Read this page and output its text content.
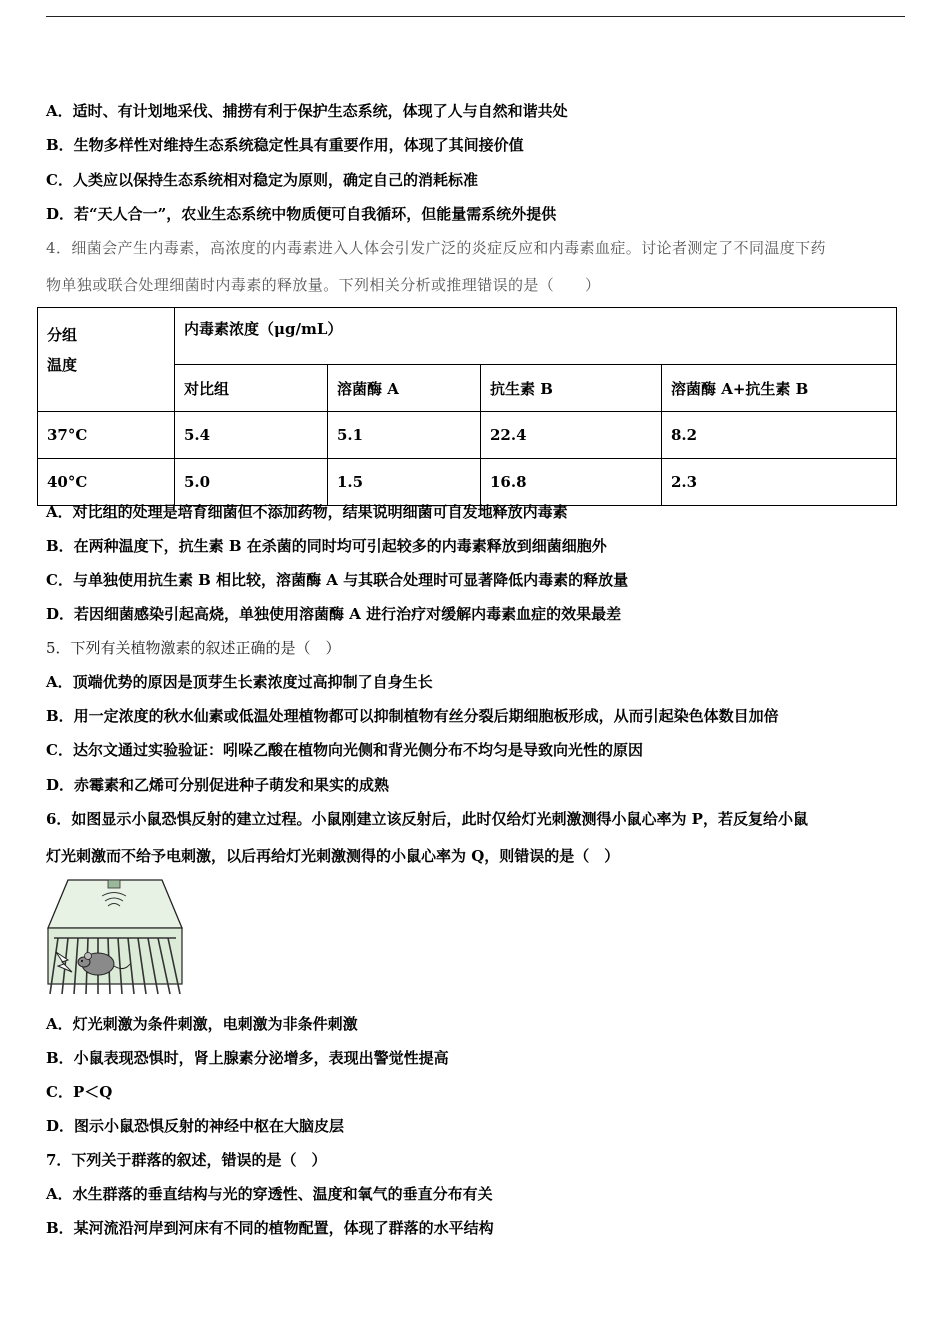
A．适时、有计划地采伐、捕捞有利于保护生态系统，体现了人与自然和谐共处
B．生物多样性对维持生态系统稳定性具有重要作用，体现了其间接价值
C．人类应以保持生态系统相对稳定为原则，确定自己的消耗标准
D．若“天人合一”，农业生态系统中物质便可自我循环，但能量需系统外提供
4．细菌会产生内毒素，高浓度的内毒素进入人体会引发广泛的炎症反应和内毒素血症。讨论者测定了不同温度下药
物单独或联合处理细菌时内毒素的释放量。下列相关分析或推理错误的是（　　）
分组
温度	内毒素浓度（μg/mL）			
	对比组	溶菌酶 A	抗生素 B	溶菌酶 A+抗生素 B
37°C	5.4	5.1	22.4	8.2
40°C	5.0	1.5	16.8	2.3
A．对比组的处理是培育细菌但不添加药物，结果说明细菌可自发地释放内毒素
B．在两种温度下，抗生素 B 在杀菌的同时均可引起较多的内毒素释放到细菌细胞外
C．与单独使用抗生素 B 相比较，溶菌酶 A 与其联合处理时可显著降低内毒素的释放量
D．若因细菌感染引起高烧，单独使用溶菌酶 A 进行治疗对缓解内毒素血症的效果最差
5．下列有关植物激素的叙述正确的是（　）
A．顶端优势的原因是顶芽生长素浓度过高抑制了自身生长
B．用一定浓度的秋水仙素或低温处理植物都可以抑制植物有丝分裂后期细胞板形成，从而引起染色体数目加倍
C．达尔文通过实验验证：吲哚乙酸在植物向光侧和背光侧分布不均匀是导致向光性的原因
D．赤霉素和乙烯可分别促进种子萌发和果实的成熟
6．如图显示小鼠恐惧反射的建立过程。小鼠刚建立该反射后，此时仅给灯光刺激测得小鼠心率为 P，若反复给小鼠
灯光刺激而不给予电刺激，以后再给灯光刺激测得的小鼠心率为 Q，则错误的是（　）
A．灯光刺激为条件刺激，电刺激为非条件刺激
B．小鼠表现恐惧时，肾上腺素分泌增多，表现出警觉性提高
C．P＜Q
D．图示小鼠恐惧反射的神经中枢在大脑皮层
7．下列关于群落的叙述，错误的是（　）
A．水生群落的垂直结构与光的穿透性、温度和氧气的垂直分布有关
B．某河流沿河岸到河床有不同的植物配置，体现了群落的水平结构
